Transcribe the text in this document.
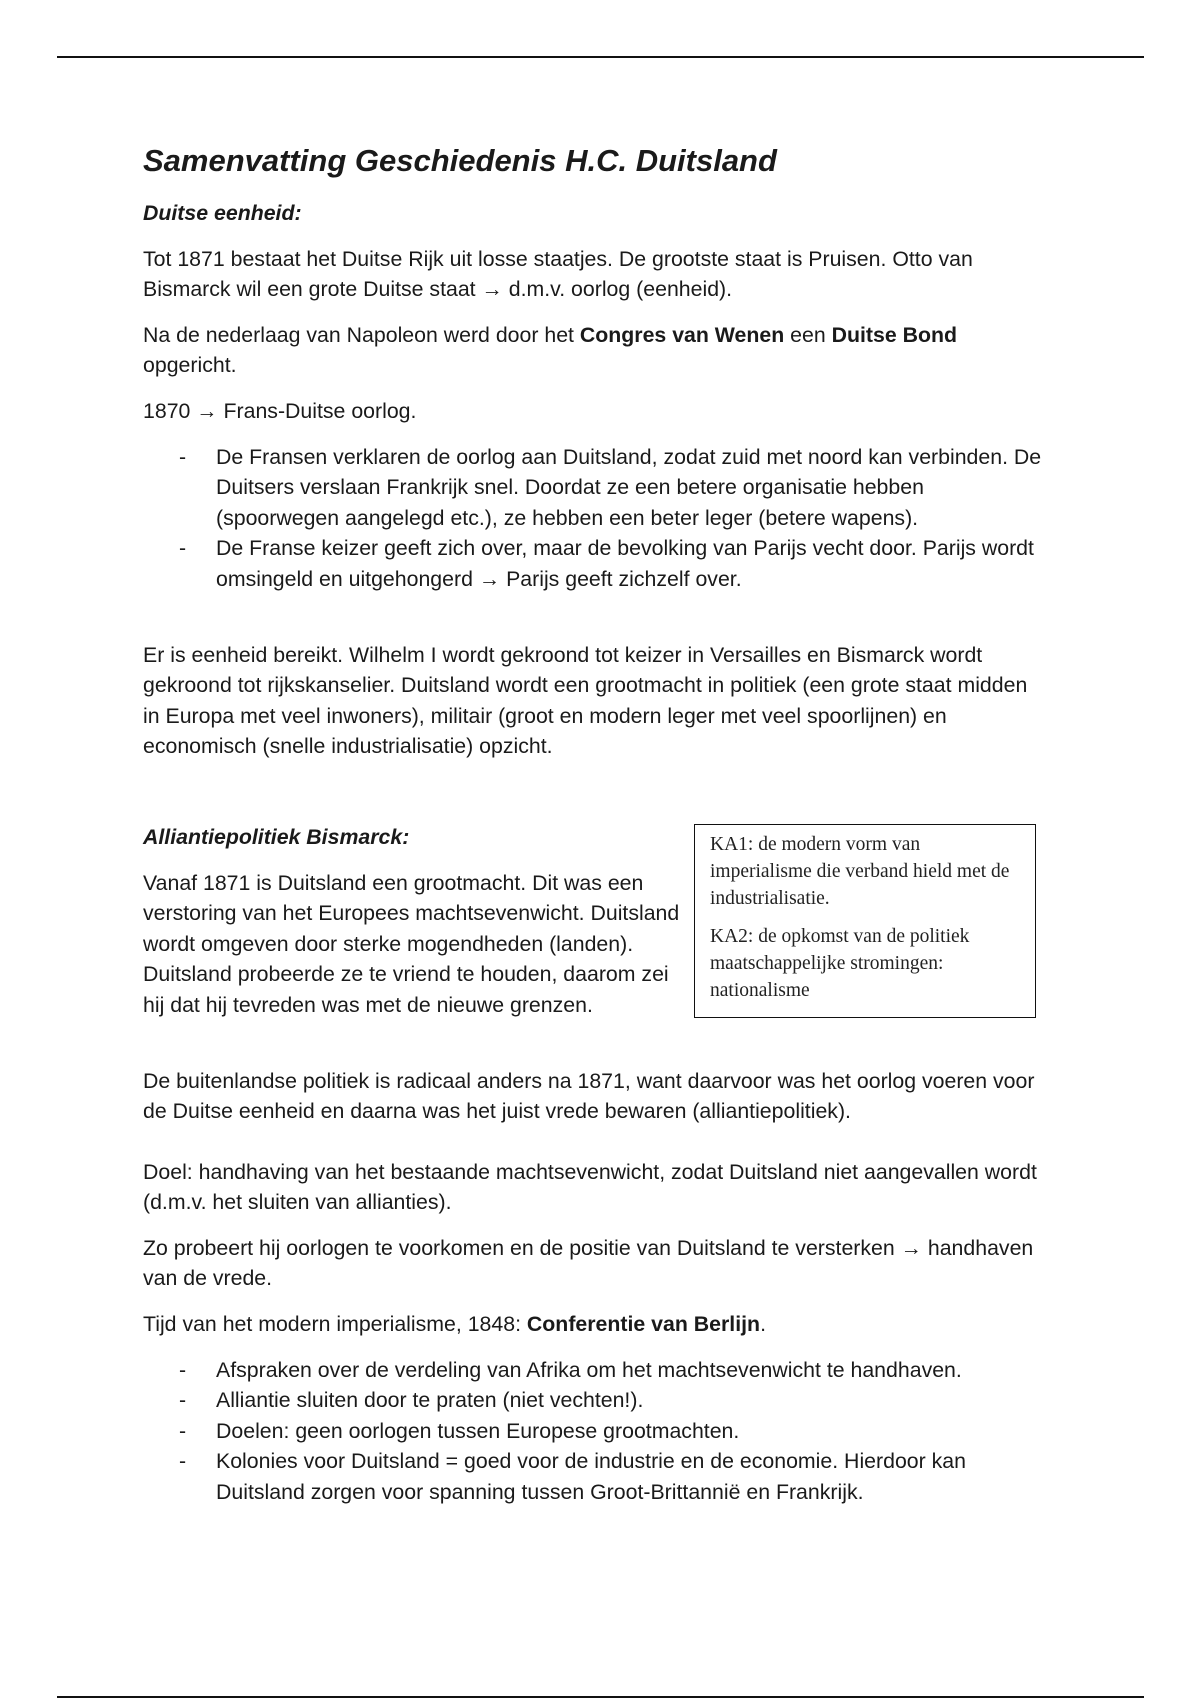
Samenvatting Geschiedenis H.C. Duitsland
Duitse eenheid:

Tot 1871 bestaat het Duitse Rijk uit losse staatjes. De grootste staat is Pruisen. Otto van Bismarck wil een grote Duitse staat → d.m.v. oorlog (eenheid).

Na de nederlaag van Napoleon werd door het Congres van Wenen een Duitse Bond opgericht.

1870 → Frans-Duitse oorlog.

- De Fransen verklaren de oorlog aan Duitsland, zodat zuid met noord kan verbinden. De Duitsers verslaan Frankrijk snel. Doordat ze een betere organisatie hebben (spoorwegen aangelegd etc.), ze hebben een beter leger (betere wapens).
- De Franse keizer geeft zich over, maar de bevolking van Parijs vecht door. Parijs wordt omsingeld en uitgehongerd → Parijs geeft zichzelf over.

Er is eenheid bereikt. Wilhelm I wordt gekroond tot keizer in Versailles en Bismarck wordt gekroond tot rijkskanselier. Duitsland wordt een grootmacht in politiek (een grote staat midden in Europa met veel inwoners), militair (groot en modern leger met veel spoorlijnen) en economisch (snelle industrialisatie) opzicht.

Alliantiepolitiek Bismarck:

Vanaf 1871 is Duitsland een grootmacht. Dit was een verstoring van het Europees machtsevenwicht. Duitsland wordt omgeven door sterke mogendheden (landen). Duitsland probeerde ze te vriend te houden, daarom zei hij dat hij tevreden was met de nieuwe grenzen.

De buitenlandse politiek is radicaal anders na 1871, want daarvoor was het oorlog voeren voor de Duitse eenheid en daarna was het juist vrede bewaren (alliantiepolitiek).

Doel: handhaving van het bestaande machtsevenwicht, zodat Duitsland niet aangevallen wordt (d.m.v. het sluiten van allianties).

Zo probeert hij oorlogen te voorkomen en de positie van Duitsland te versterken → handhaven van de vrede.

Tijd van het modern imperialisme, 1848: Conferentie van Berlijn.

- Afspraken over de verdeling van Afrika om het machtsevenwicht te handhaven.
- Alliantie sluiten door te praten (niet vechten!).
- Doelen: geen oorlogen tussen Europese grootmachten.
- Kolonies voor Duitsland = goed voor de industrie en de economie. Hierdoor kan Duitsland zorgen voor spanning tussen Groot-Brittannië en Frankrijk.

KA1: de modern vorm van imperialisme die verband hield met de industrialisatie.

KA2: de opkomst van de politiek maatschappelijke stromingen: nationalisme
